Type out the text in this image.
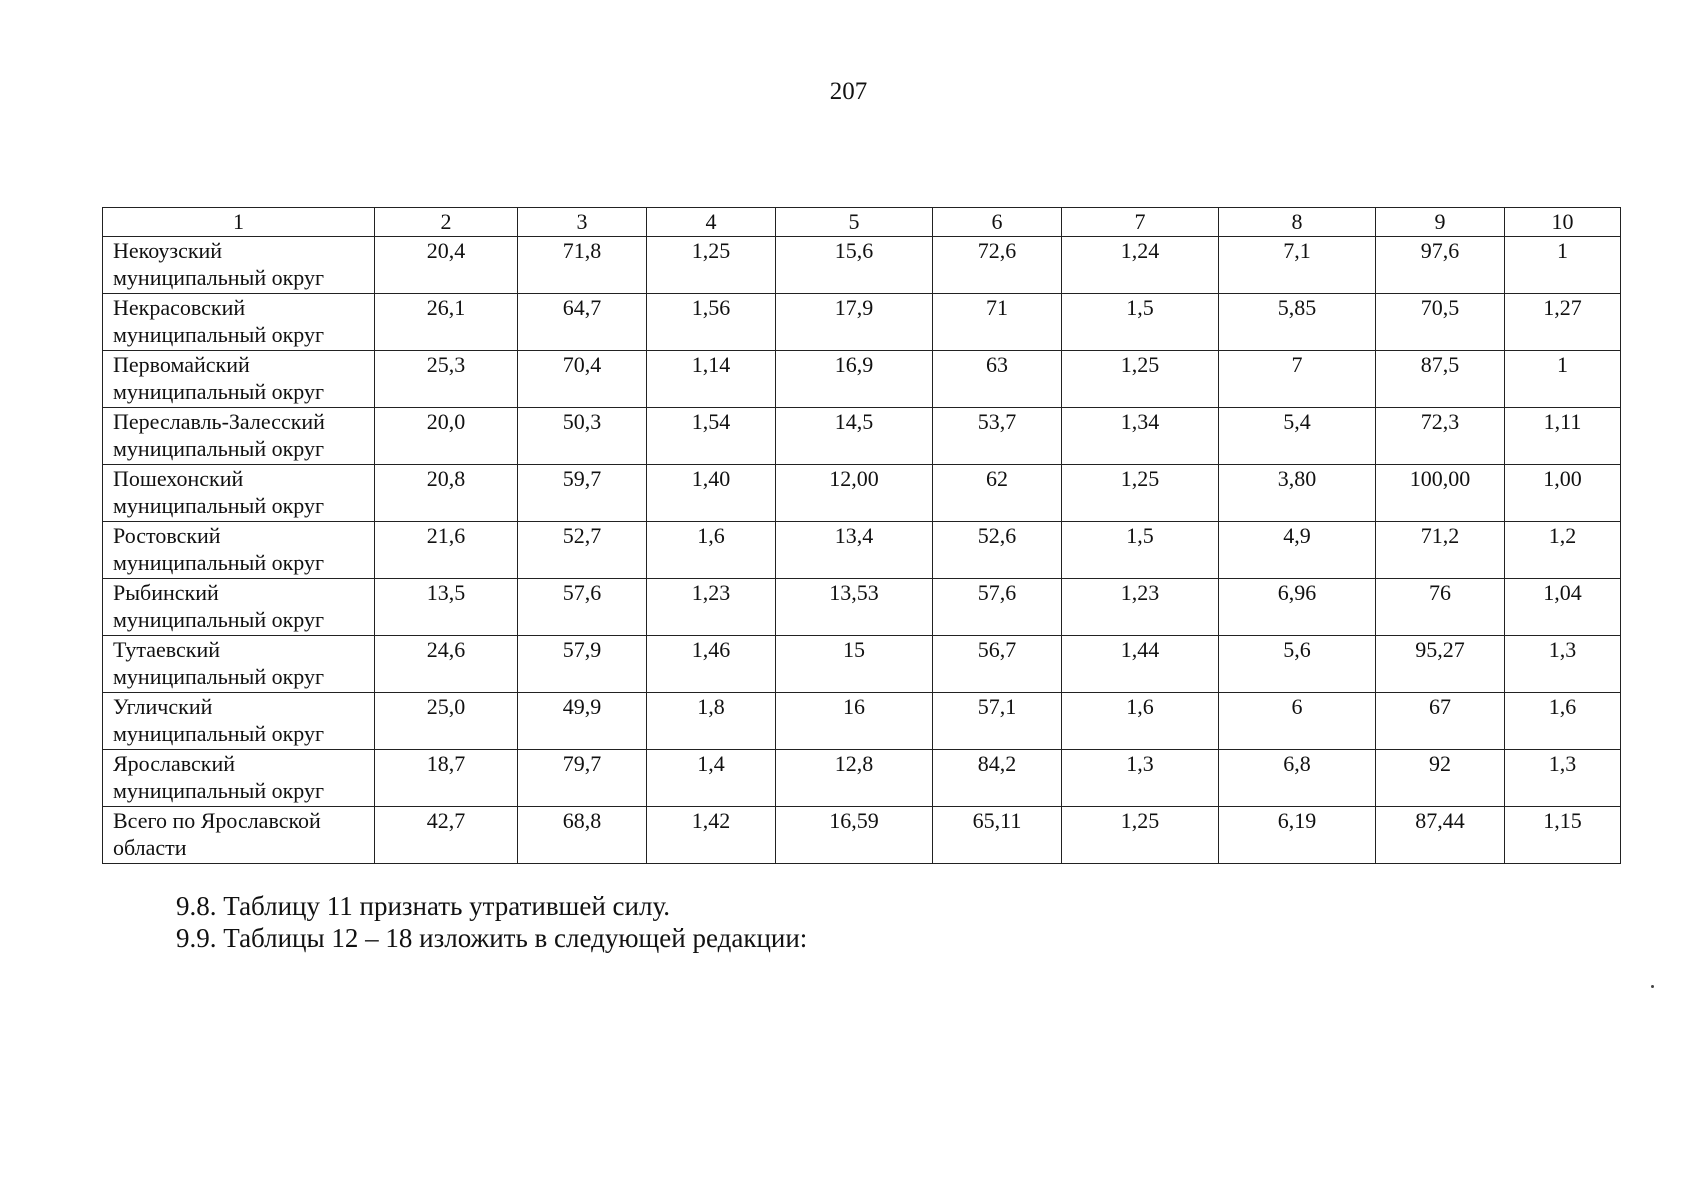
207
1	2	3	4	5	6	7	8	9	10
Некоузский муниципальный округ	20,4	71,8	1,25	15,6	72,6	1,24	7,1	97,6	1
Некрасовский муниципальный округ	26,1	64,7	1,56	17,9	71	1,5	5,85	70,5	1,27
Первомайский муниципальный округ	25,3	70,4	1,14	16,9	63	1,25	7	87,5	1
Переславль-Залесский муниципальный округ	20,0	50,3	1,54	14,5	53,7	1,34	5,4	72,3	1,11
Пошехонский муниципальный округ	20,8	59,7	1,40	12,00	62	1,25	3,80	100,00	1,00
Ростовский муниципальный округ	21,6	52,7	1,6	13,4	52,6	1,5	4,9	71,2	1,2
Рыбинский муниципальный округ	13,5	57,6	1,23	13,53	57,6	1,23	6,96	76	1,04
Тутаевский муниципальный округ	24,6	57,9	1,46	15	56,7	1,44	5,6	95,27	1,3
Угличский муниципальный округ	25,0	49,9	1,8	16	57,1	1,6	6	67	1,6
Ярославский муниципальный округ	18,7	79,7	1,4	12,8	84,2	1,3	6,8	92	1,3
Всего по Ярославской области	42,7	68,8	1,42	16,59	65,11	1,25	6,19	87,44	1,15

9.8. Таблицу 11 признать утратившей силу.

9.9. Таблицы 12 – 18 изложить в следующей редакции:
